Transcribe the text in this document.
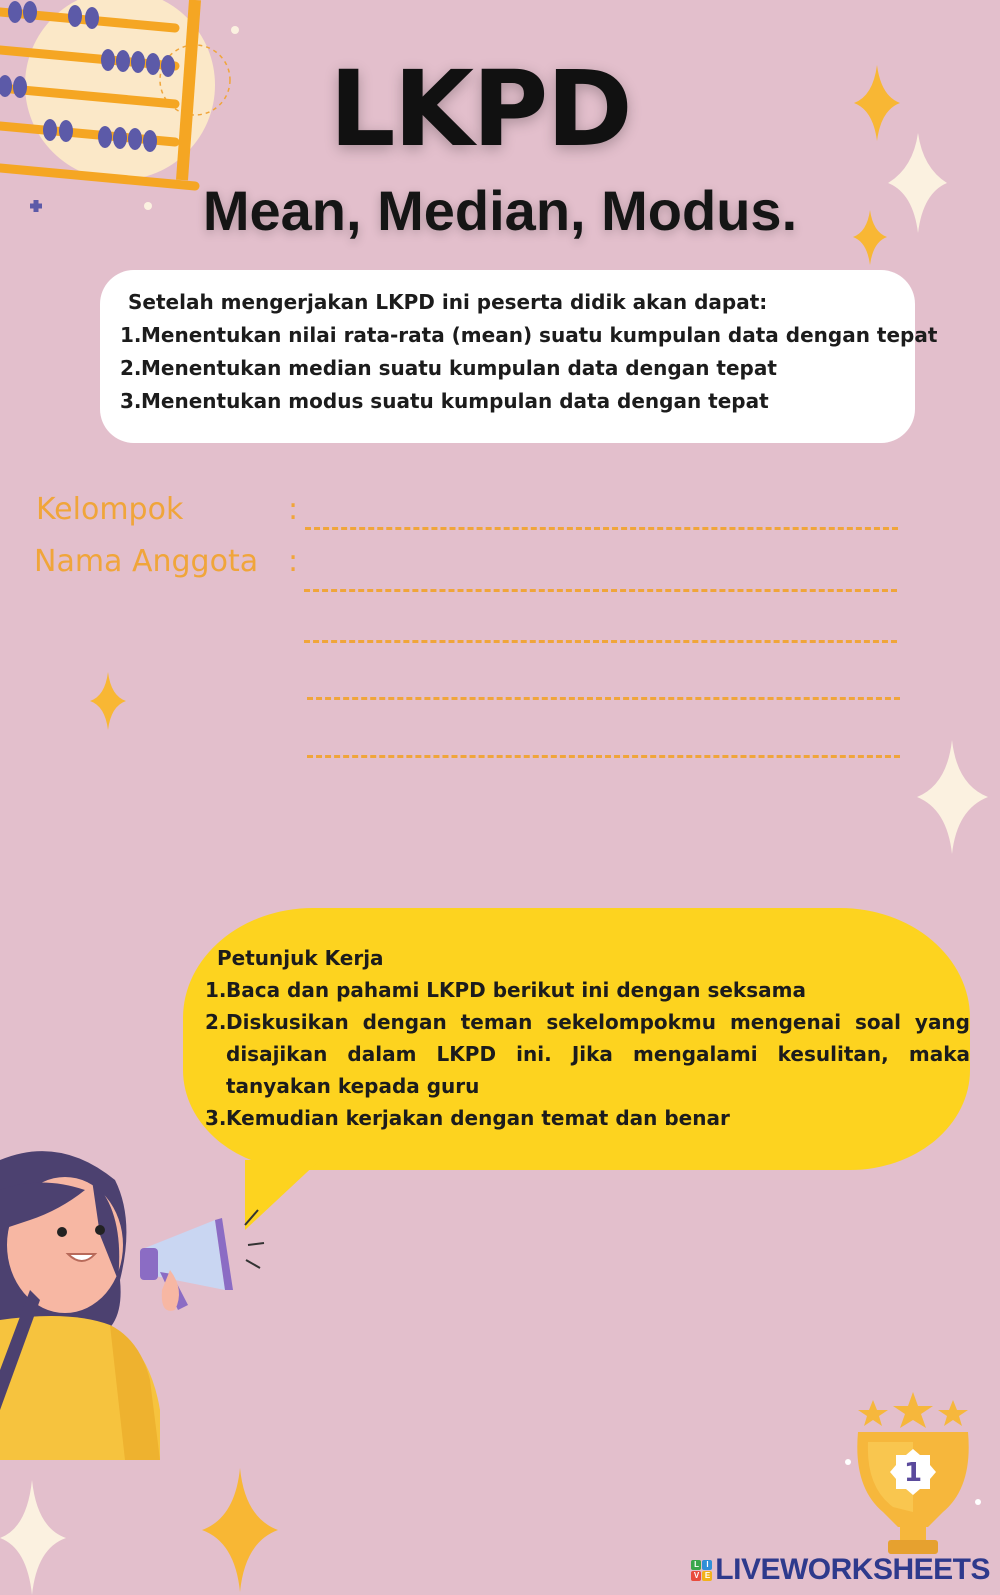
LKPD
Mean, Median, Modus.
Setelah mengerjakan LKPD ini peserta didik akan dapat:
1. Menentukan nilai rata-rata (mean) suatu kumpulan data dengan tepat
2. Menentukan median suatu kumpulan data dengan tepat
3. Menentukan modus suatu kumpulan data dengan tepat
Kelompok	:
Nama Anggota :
Petunjuk Kerja
1. Baca dan pahami LKPD berikut ini dengan seksama
2. Diskusikan dengan teman sekelompokmu mengenai soal yang disajikan dalam LKPD ini. Jika mengalami kesulitan, maka tanyakan kepada guru
3. Kemudian kerjakan dengan temat dan benar
1
L I
V E LIVEWORKSHEETS
